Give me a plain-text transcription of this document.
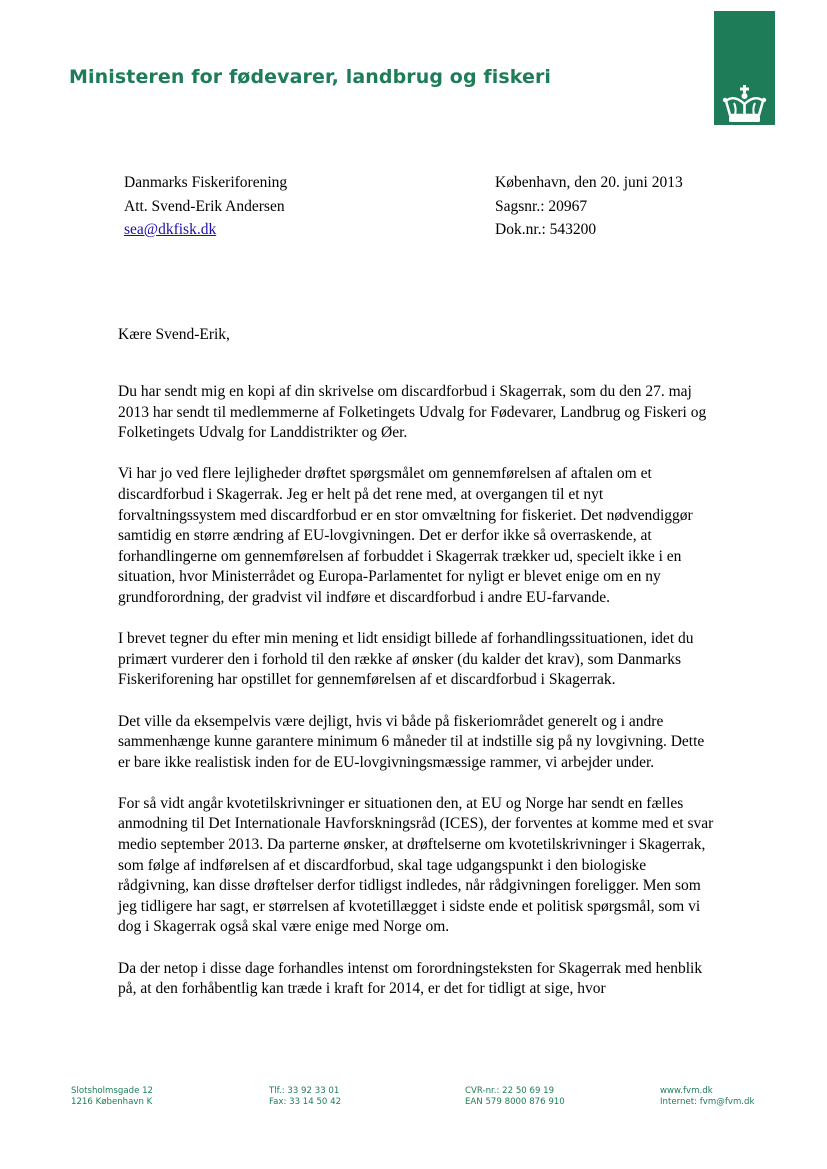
Ministeren for fødevarer, landbrug og fiskeri
Danmarks Fiskeriforening
Att. Svend-Erik Andersen
sea@dkfisk.dk
København, den 20. juni 2013
Sagsnr.: 20967
Dok.nr.: 543200
Kære Svend-Erik,

Du har sendt mig en kopi af din skrivelse om discardforbud i Skagerrak, som du den 27. maj 2013 har sendt til medlemmerne af Folketingets Udvalg for Fødevarer, Landbrug og Fiskeri og Folketingets Udvalg for Landdistrikter og Øer.

Vi har jo ved flere lejligheder drøftet spørgsmålet om gennemførelsen af aftalen om et discardforbud i Skagerrak. Jeg er helt på det rene med, at overgangen til et nyt forvaltningssystem med discardforbud er en stor omvæltning for fiskeriet. Det nødvendiggør samtidig en større ændring af EU-lovgivningen. Det er derfor ikke så overraskende, at forhandlingerne om gennemførelsen af forbuddet i Skagerrak trækker ud, specielt ikke i en situation, hvor Ministerrådet og Europa-Parlamentet for nyligt er blevet enige om en ny grundforordning, der gradvist vil indføre et discardforbud i andre EU-farvande.

I brevet tegner du efter min mening et lidt ensidigt billede af forhandlingssituationen, idet du primært vurderer den i forhold til den række af ønsker (du kalder det krav), som Danmarks Fiskeriforening har opstillet for gennemførelsen af et discardforbud i Skagerrak.

Det ville da eksempelvis være dejligt, hvis vi både på fiskeriområdet generelt og i andre sammenhænge kunne garantere minimum 6 måneder til at indstille sig på ny lovgivning. Dette er bare ikke realistisk inden for de EU-lovgivningsmæssige rammer, vi arbejder under.

For så vidt angår kvotetilskrivninger er situationen den, at EU og Norge har sendt en fælles anmodning til Det Internationale Havforskningsråd (ICES), der forventes at komme med et svar medio september 2013. Da parterne ønsker, at drøftelserne om kvotetilskrivninger i Skagerrak, som følge af indførelsen af et discardforbud, skal tage udgangspunkt i den biologiske rådgivning, kan disse drøftelser derfor tidligst indledes, når rådgivningen foreligger. Men som jeg tidligere har sagt, er størrelsen af kvotetillægget i sidste ende et politisk spørgsmål, som vi dog i Skagerrak også skal være enige med Norge om.

Da der netop i disse dage forhandles intenst om forordningsteksten for Skagerrak med henblik på, at den forhåbentlig kan træde i kraft for 2014, er det for tidligt at sige, hvor

Slotsholmsgade 12
1216 København K
Tlf.: 33 92 33 01
Fax: 33 14 50 42
CVR-nr.: 22 50 69 19
EAN 579 8000 876 910
www.fvm.dk
Internet: fvm@fvm.dk
